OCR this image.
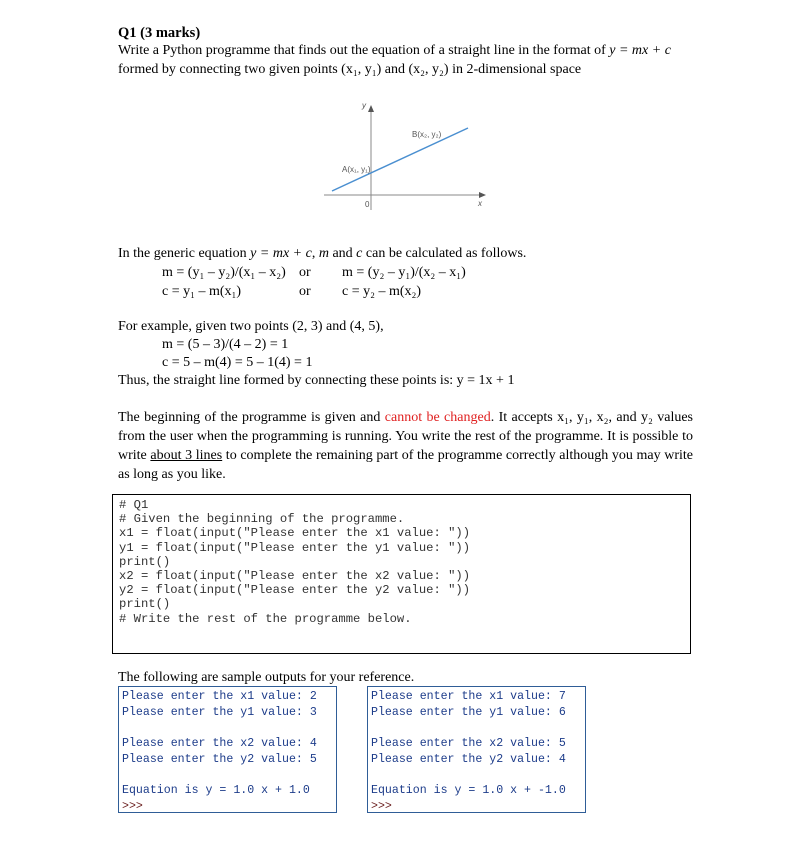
Q1 (3 marks)
Write a Python programme that finds out the equation of a straight line in the format of y = mx + c
formed by connecting two given points (x₁, y₁) and (x₂, y₂) in 2-dimensional space
y
x
0
A(x₁, y₁)
B(x₂, y₂)
In the generic equation y = mx + c, m and c can be calculated as follows.
m = (y₁ – y₂)/(x₁ – x₂) or m = (y₂ – y₁)/(x₂ – x₁)
c = y₁ – m(x₁)	or c = y₂ – m(x₂)
For example, given two points (2, 3) and (4, 5),
m = (5 – 3)/(4 – 2) = 1
c = 5 – m(4) = 5 – 1(4) = 1
Thus, the straight line formed by connecting these points is: y = 1x + 1
The beginning of the programme is given and cannot be changed. It accepts x₁, y₁, x₂, and y₂ values from the user when the programming is running. You write the rest of the programme. It is possible to write about 3 lines to complete the remaining part of the programme correctly although you may write as long as you like.
# Q1
# Given the beginning of the programme.
x1 = float(input("Please enter the x1 value: "))
y1 = float(input("Please enter the y1 value: "))
print()
x2 = float(input("Please enter the x2 value: "))
y2 = float(input("Please enter the y2 value: "))
print()
# Write the rest of the programme below.
The following are sample outputs for your reference.
Please enter the x1 value: 2
Please enter the y1 value: 3
Please enter the x2 value: 4
Please enter the y2 value: 5
Equation is y = 1.0 x + 1.0
>>>
Please enter the x1 value: 7
Please enter the y1 value: 6
Please enter the x2 value: 5
Please enter the y2 value: 4
Equation is y = 1.0 x + -1.0
>>>
